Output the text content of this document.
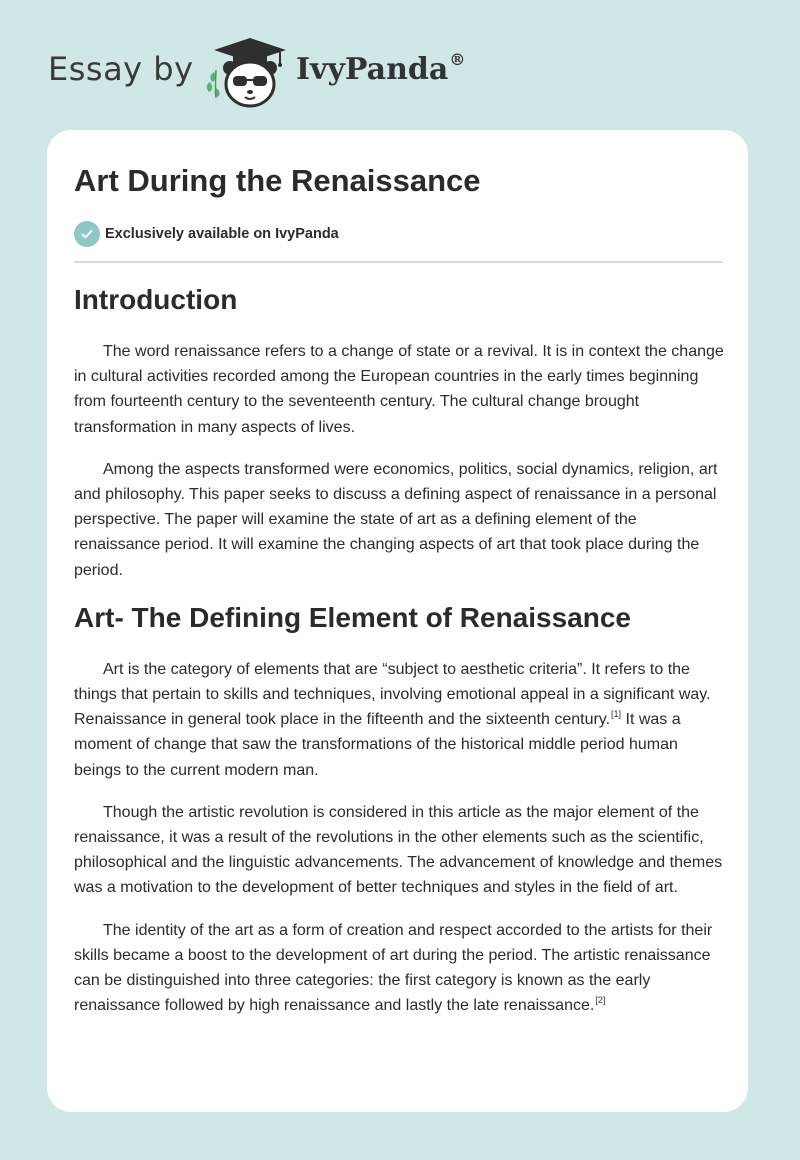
Essay by	IvyPanda®
Art During the Renaissance
Exclusively available on IvyPanda
Introduction

The word renaissance refers to a change of state or a revival. It is in context the change in cultural activities recorded among the European countries in the early times beginning from fourteenth century to the seventeenth century. The cultural change brought transformation in many aspects of lives.

Among the aspects transformed were economics, politics, social dynamics, religion, art and philosophy. This paper seeks to discuss a defining aspect of renaissance in a personal perspective. The paper will examine the state of art as a defining element of the renaissance period. It will examine the changing aspects of art that took place during the period.

Art- The Defining Element of Renaissance

Art is the category of elements that are “subject to aesthetic criteria”. It refers to the things that pertain to skills and techniques, involving emotional appeal in a significant way. Renaissance in general took place in the fifteenth and the sixteenth century.[1] It was a moment of change that saw the transformations of the historical middle period human beings to the current modern man.

Though the artistic revolution is considered in this article as the major element of the renaissance, it was a result of the revolutions in the other elements such as the scientific, philosophical and the linguistic advancements. The advancement of knowledge and themes was a motivation to the development of better techniques and styles in the field of art.

The identity of the art as a form of creation and respect accorded to the artists for their skills became a boost to the development of art during the period. The artistic renaissance can be distinguished into three categories: the first category is known as the early renaissance followed by high renaissance and lastly the late renaissance.[2]
